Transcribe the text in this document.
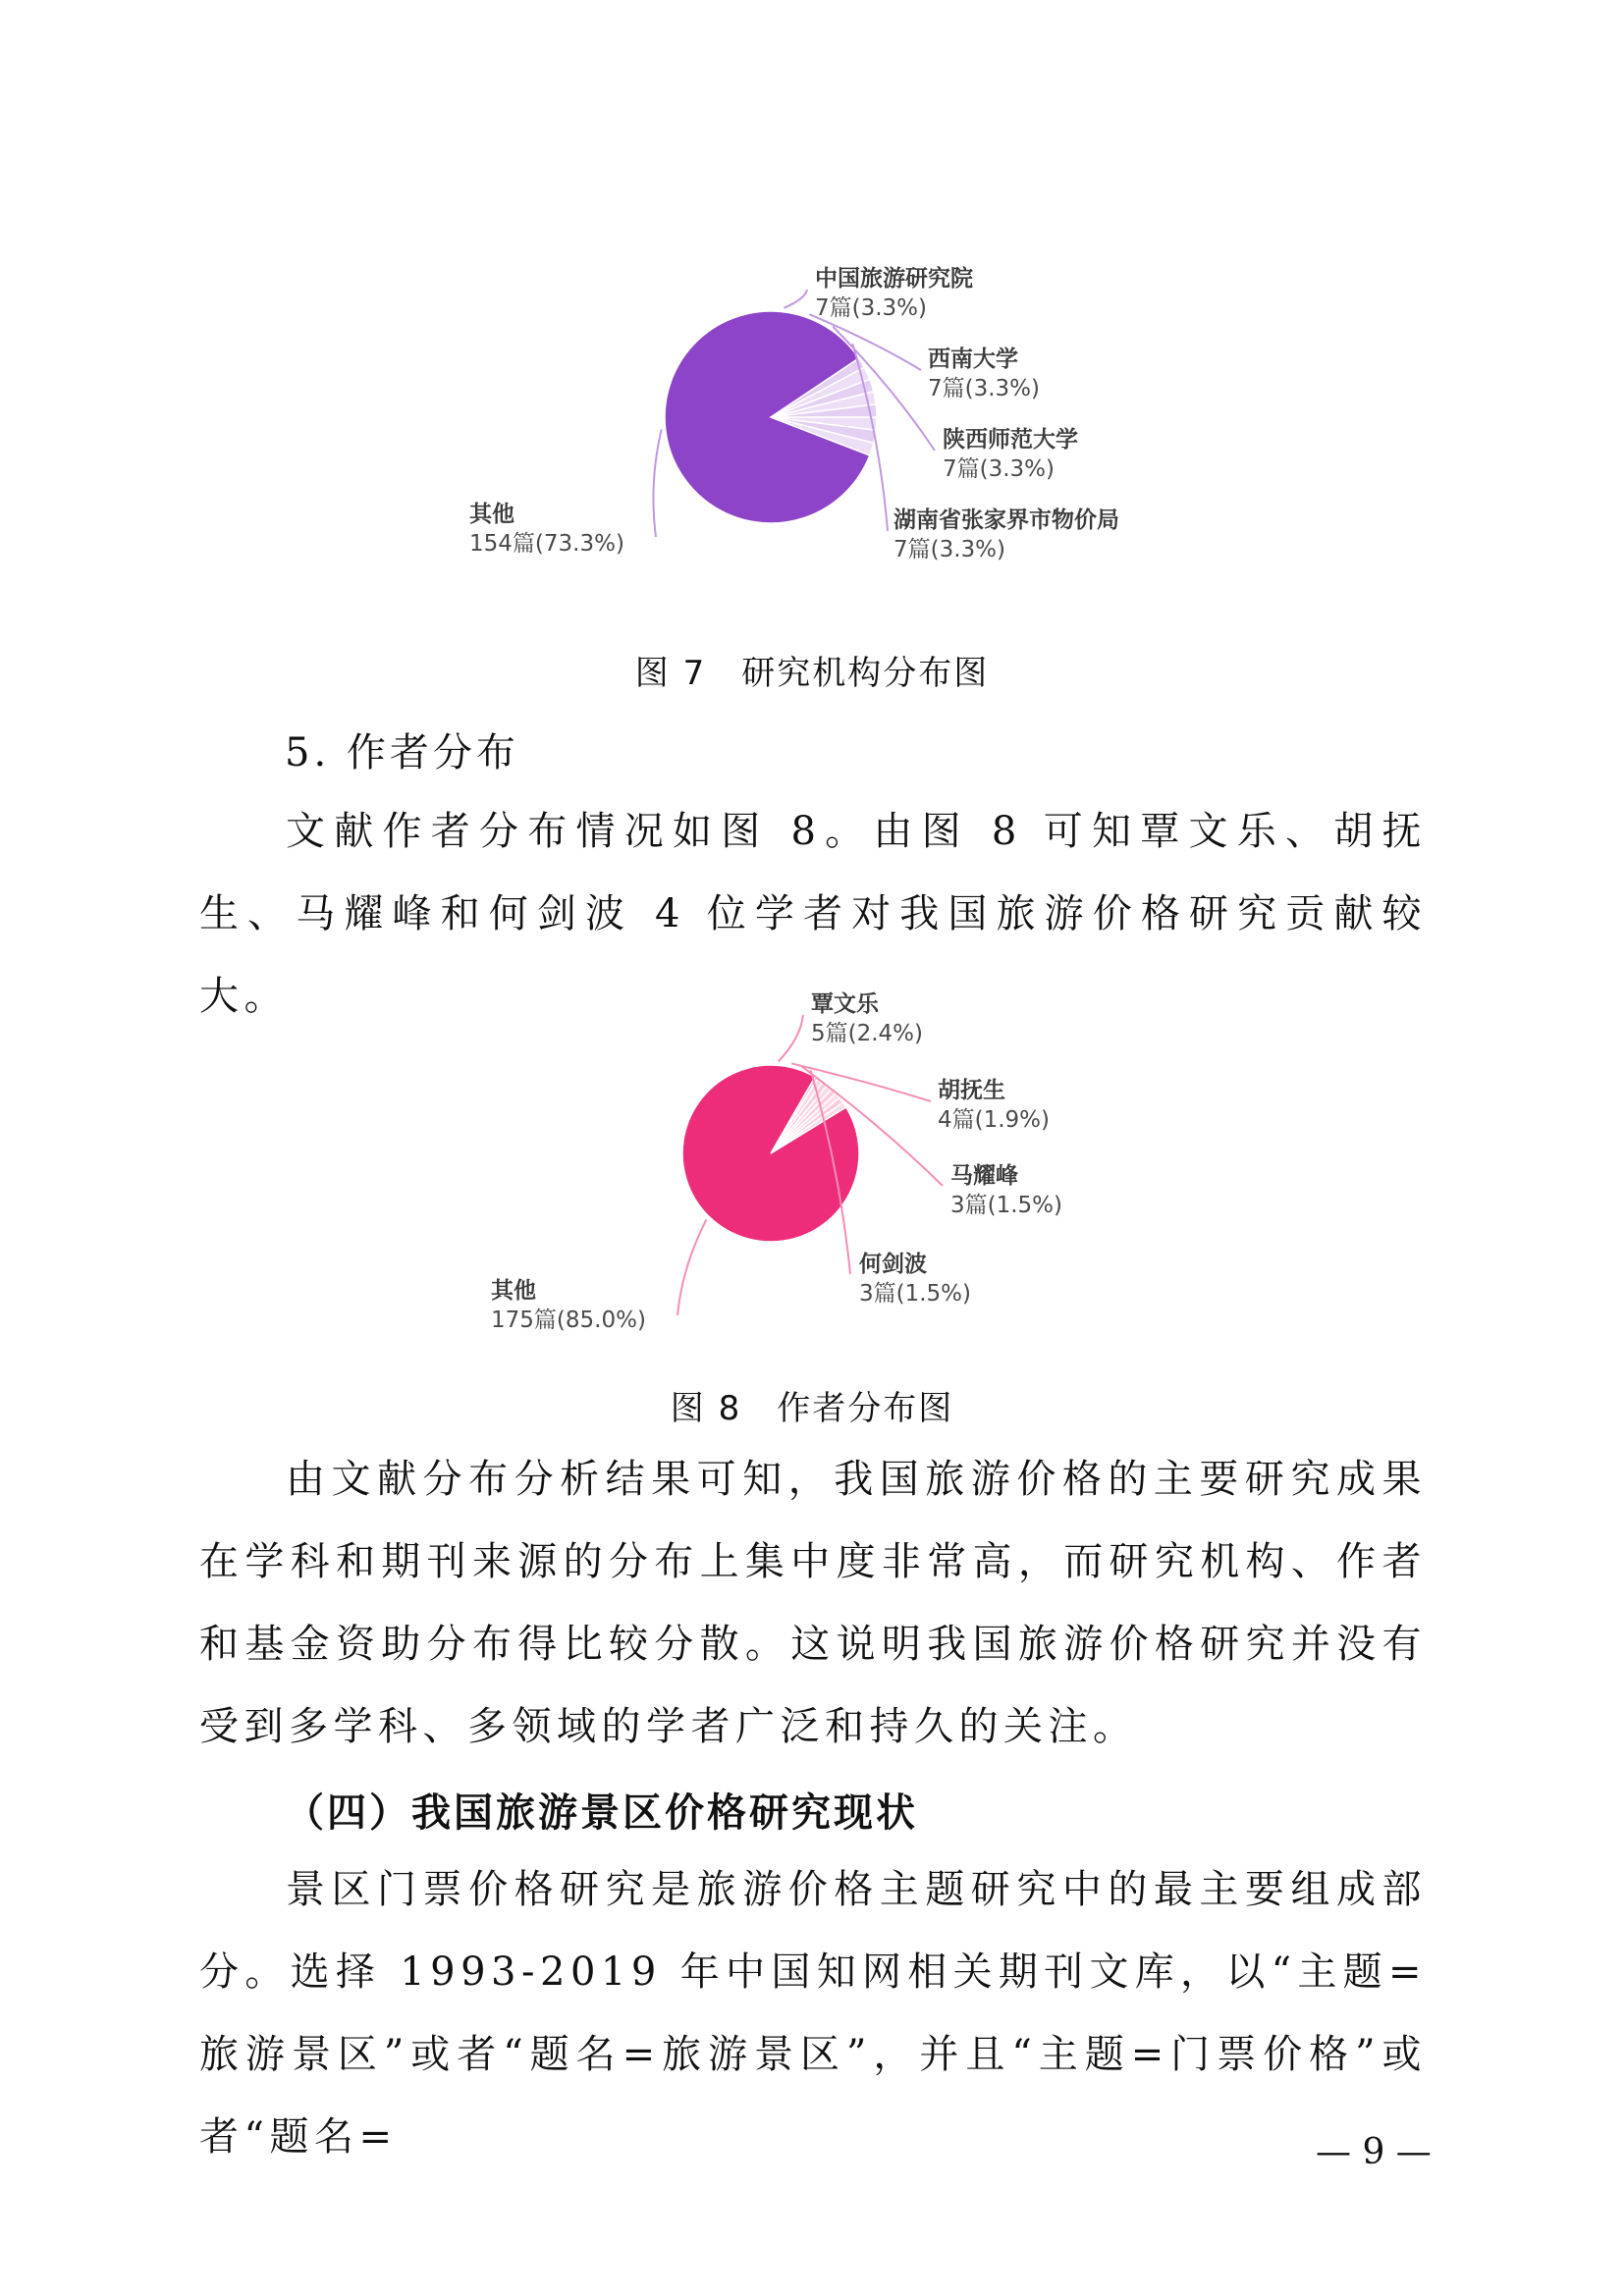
中国旅游研究院
7篇(3.3%)
西南大学
7篇(3.3%)
陕西师范大学
7篇(3.3%)
湖南省张家界市物价局
7篇(3.3%)
其他
154篇(73.3%)
图 7　研究机构分布图
5. 作者分布

文献作者分布情况如图 8。由图 8 可知覃文乐、胡抚生、马耀峰和何剑波 4 位学者对我国旅游价格研究贡献较大。	覃文乐
5篇(2.4%)
胡抚生
4篇(1.9%)
马耀峰
3篇(1.5%)
何剑波
3篇(1.5%)
其他
175篇(85.0%)
图 8　作者分布图

由文献分布分析结果可知，我国旅游价格的主要研究成果在学科和期刊来源的分布上集中度非常高，而研究机构、作者和基金资助分布得比较分散。这说明我国旅游价格研究并没有受到多学科、多领域的学者广泛和持久的关注。

（四）我国旅游景区价格研究现状

景区门票价格研究是旅游价格主题研究中的最主要组成部分。选择 1993-2019 年中国知网相关期刊文库，以“主题=旅游景区”或者“题名=旅游景区”，并且“主题=门票价格”或者“题名=	— 9 —
